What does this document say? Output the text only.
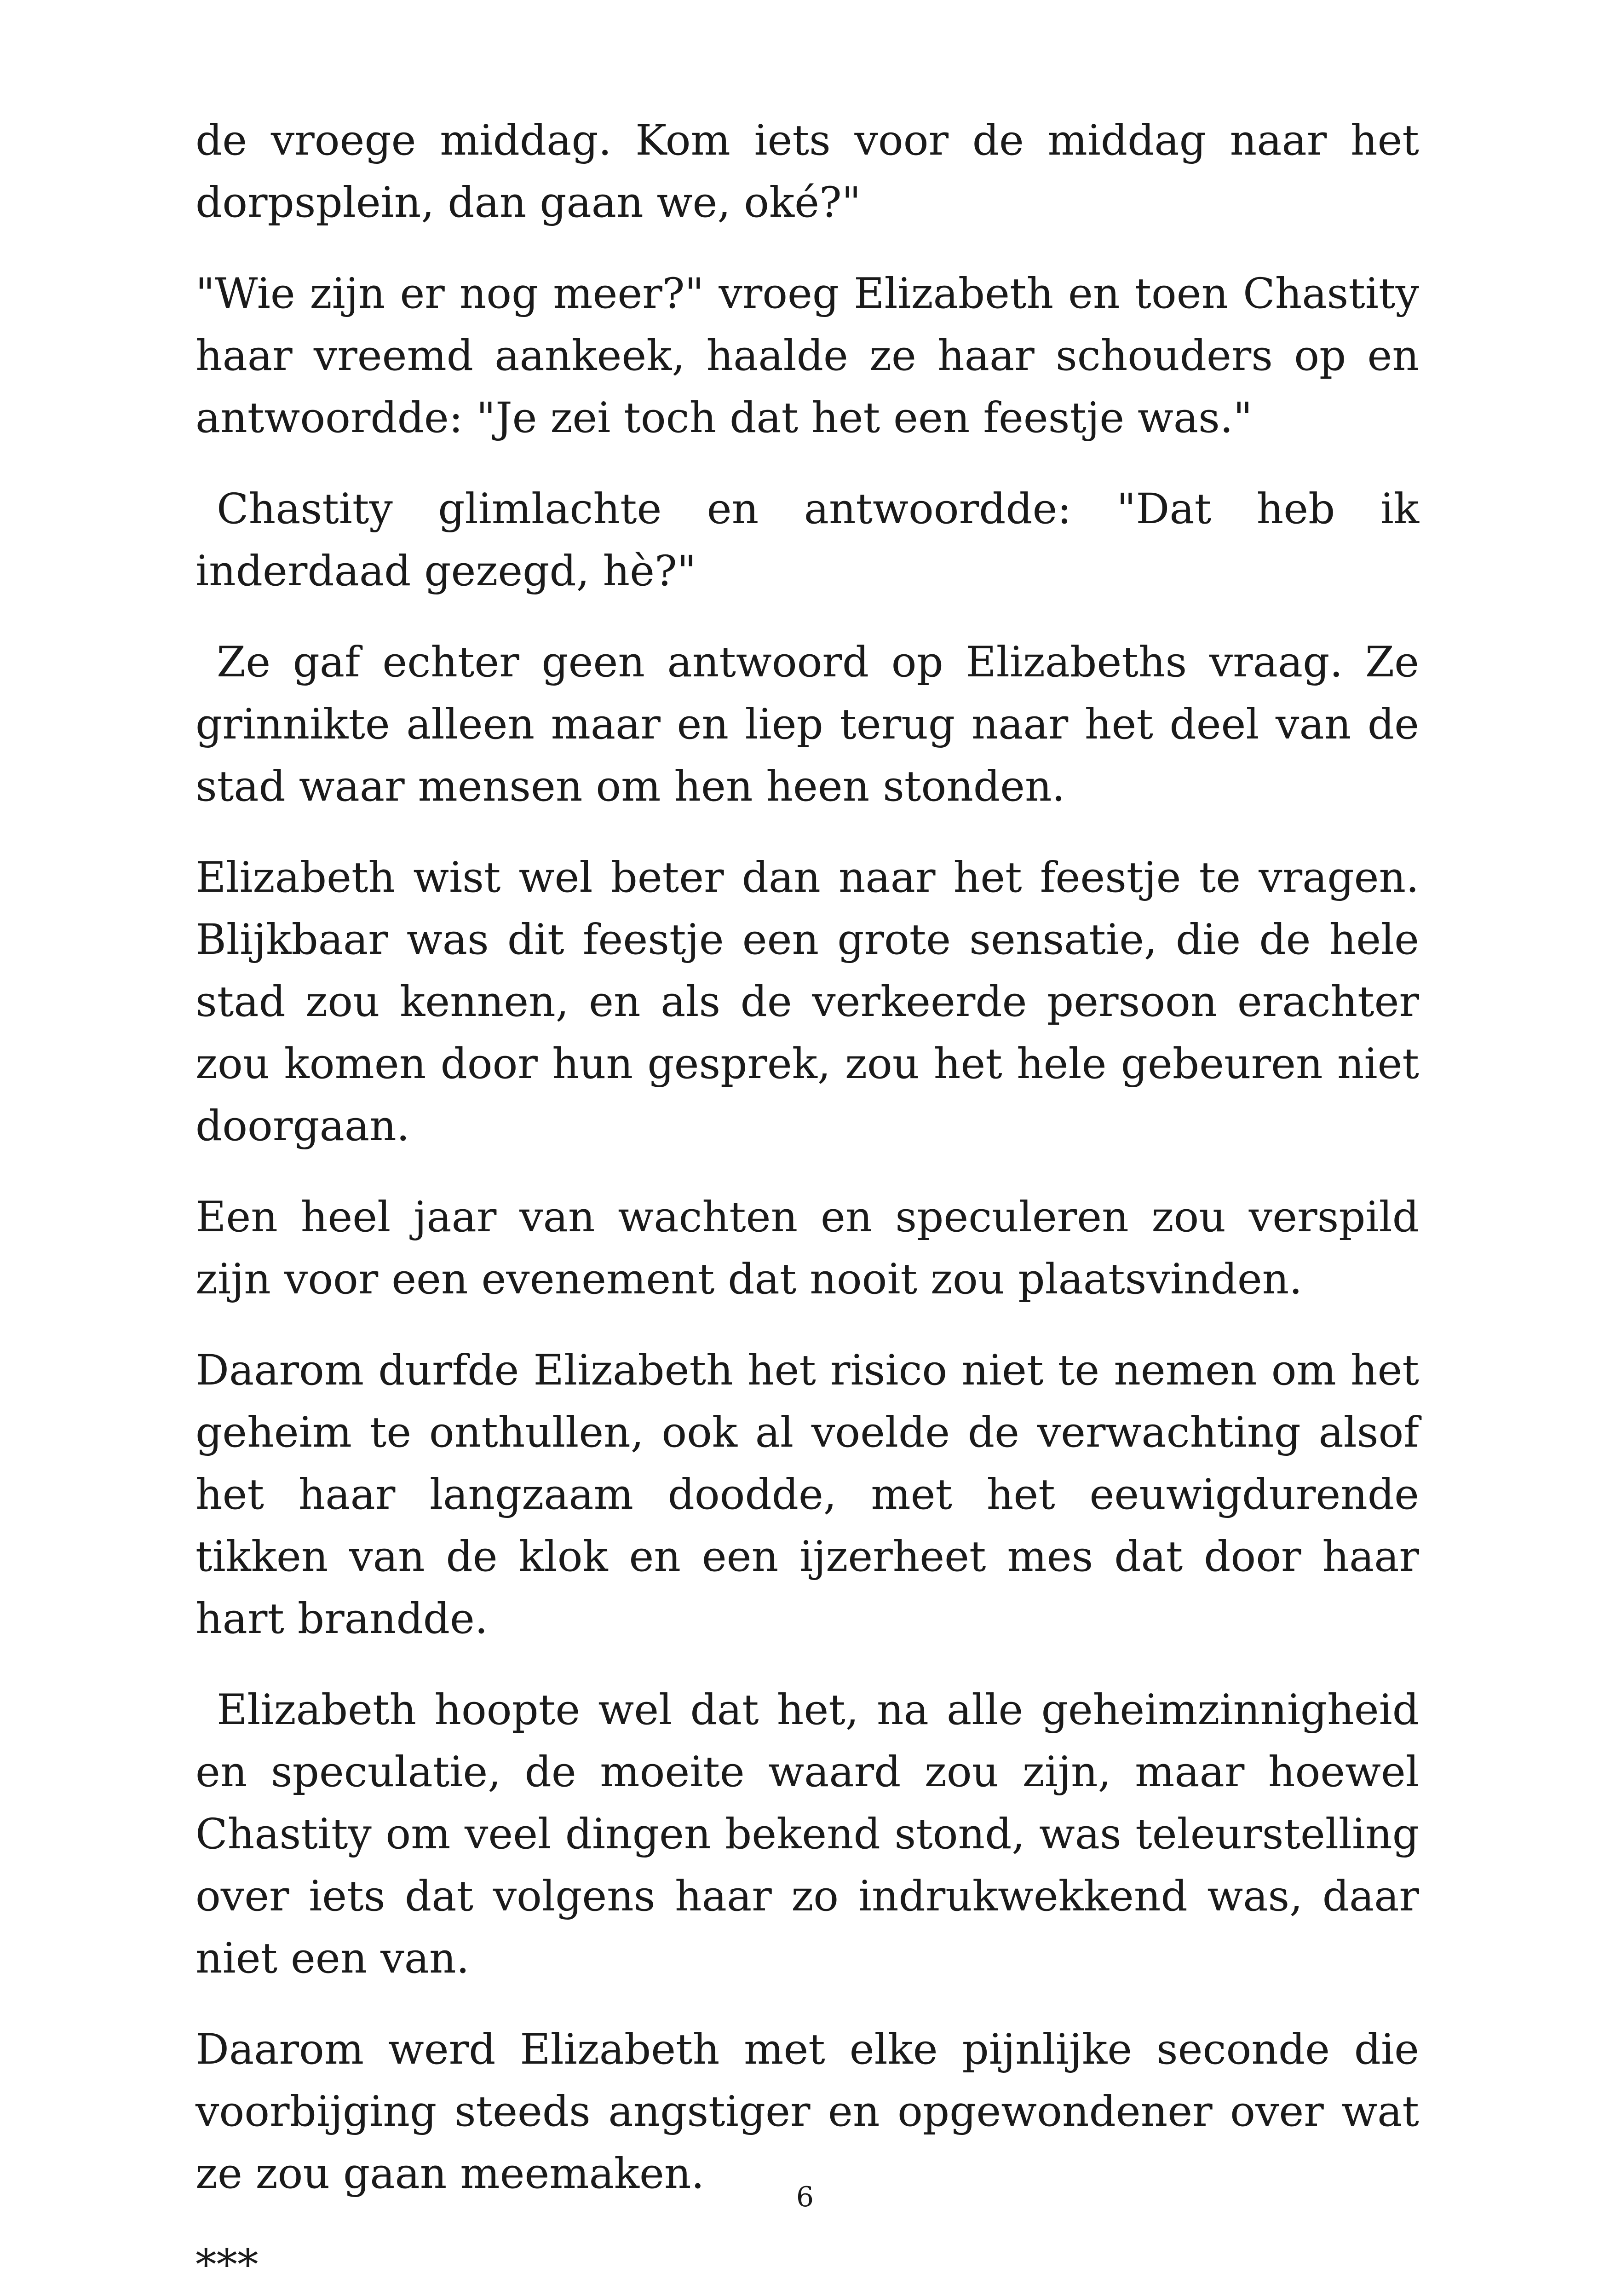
de vroege middag. Kom iets voor de middag naar het dorpsplein, dan gaan we, oké?"

"Wie zijn er nog meer?" vroeg Elizabeth en toen Chastity haar vreemd aankeek, haalde ze haar schouders op en antwoordde: "Je zei toch dat het een feestje was."

Chastity glimlachte en antwoordde: "Dat heb ik inderdaad gezegd, hè?"

Ze gaf echter geen antwoord op Elizabeths vraag. Ze grinnikte alleen maar en liep terug naar het deel van de stad waar mensen om hen heen stonden.

Elizabeth wist wel beter dan naar het feestje te vragen. Blijkbaar was dit feestje een grote sensatie, die de hele stad zou kennen, en als de verkeerde persoon erachter zou komen door hun gesprek, zou het hele gebeuren niet doorgaan.

Een heel jaar van wachten en speculeren zou verspild zijn voor een evenement dat nooit zou plaatsvinden.

Daarom durfde Elizabeth het risico niet te nemen om het geheim te onthullen, ook al voelde de verwachting alsof het haar langzaam doodde, met het eeuwigdurende tikken van de klok en een ijzerheet mes dat door haar hart brandde.

Elizabeth hoopte wel dat het, na alle geheimzinnigheid en speculatie, de moeite waard zou zijn, maar hoewel Chastity om veel dingen bekend stond, was teleurstelling over iets dat volgens haar zo indrukwekkend was, daar niet een van.

Daarom werd Elizabeth met elke pijnlijke seconde die voorbijging steeds angstiger en opgewondener over wat ze zou gaan meemaken.

***

6
